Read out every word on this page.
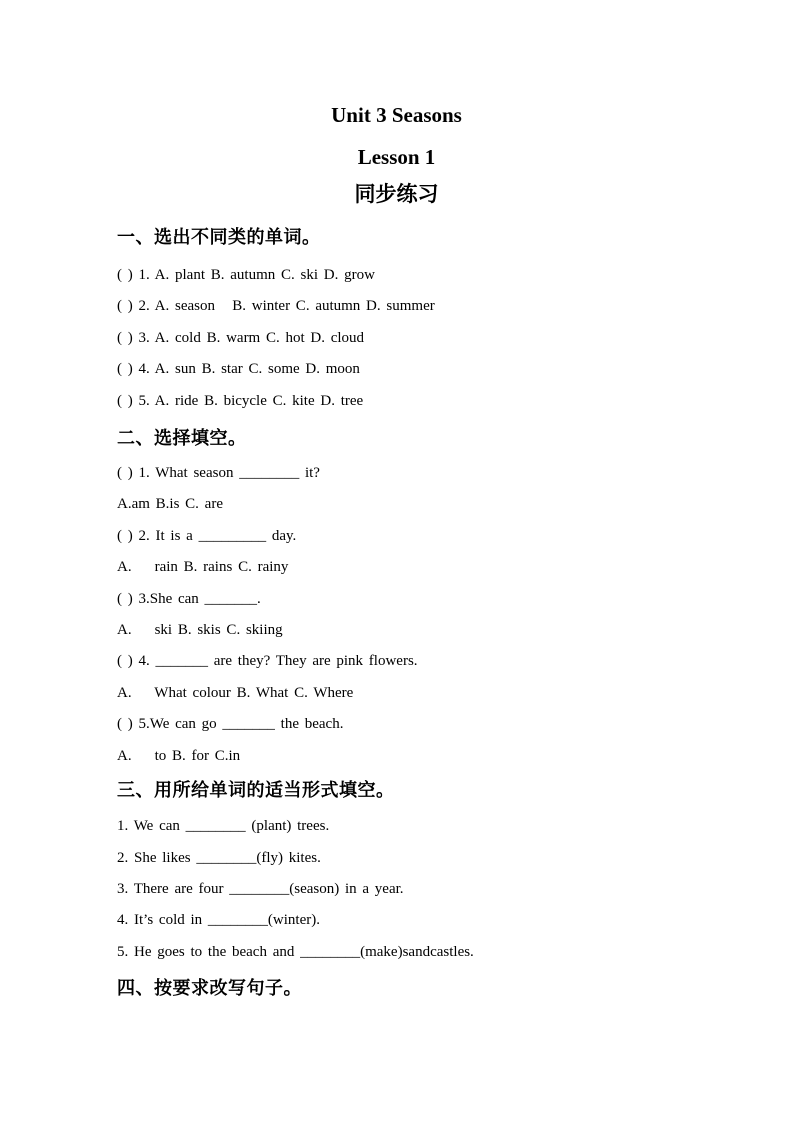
Unit 3 Seasons

Lesson 1

同步练习

一、选出不同类的单词。

( ) 1. A. plant B. autumn C. ski D. grow

( ) 2. A. season   B. winter C. autumn D. summer

( ) 3. A. cold B. warm C. hot D. cloud

( ) 4. A. sun B. star C. some D. moon

( ) 5. A. ride B. bicycle C. kite D. tree

二、选择填空。

( ) 1. What season ________ it?

A.am B.is C. are

( ) 2. It is a _________ day.

A.    rain B. rains C. rainy

( ) 3.She can _______.

A.    ski B. skis C. skiing

( ) 4. _______ are they? They are pink flowers.

A.    What colour B. What C. Where

( ) 5.We can go _______ the beach.

A.    to B. for C.in

三、用所给单词的适当形式填空。

1. We can ________ (plant) trees.

2. She likes ________(fly) kites.

3. There are four ________(season) in a year.

4. It’s cold in ________(winter).

5. He goes to the beach and ________(make)sandcastles.

四、按要求改写句子。
